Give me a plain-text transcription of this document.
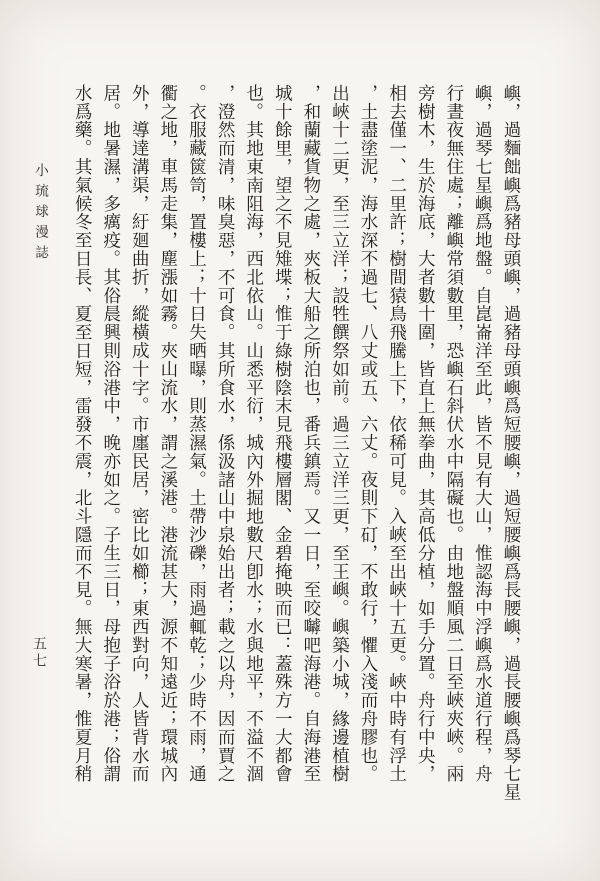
嶼，過麵飿嶼爲豬母頭嶼，過豬母頭嶼爲短腰嶼，過短腰嶼爲長腰嶼，過長腰嶼爲琴七星
嶼，過琴七星嶼爲地盤。自崑崙洋至此，皆不見有大山，惟認海中浮嶼爲水道行程，舟
行晝夜無住處；離嶼常須數里，恐嶼石斜伏水中隔礙也。由地盤順風二日至峽夾峽。兩
旁樹木，生於海底，大者數十圍，皆直上無拳曲，其高低分植，如手分置。舟行中央，
相去僅一、二里許；樹間猿鳥飛騰上下，依稀可見。入峽至出峽十五更。峽中時有浮土
，土盡塗泥，海水深不過七、八丈或五、六丈。夜則下矴，不敢行，懼入淺而舟膠也。
出峽十二更，至三立洋；設牲饌祭如前。過三立洋三更，至王嶼。嶼築小城，緣邊植樹
，和蘭藏貨物之處，夾板大船之所泊也，番兵鎮焉。又一日，至咬嚹吧海港。自海港至
城十餘里，望之不見雉堞；惟于綠樹陰末見飛樓層閣、金碧掩映而已：蓋殊方一大都會
也。其地東南阻海，西北依山。山悉平衍，城內外掘地數尺卽水；水與地平，不溢不涸
，澄然而清，味臭惡，不可食。其所食水，係汲諸山中泉始出者；載之以舟，因而賈之
。衣服藏篋笥，置樓上；十日失晒曝，則蒸濕氣。土帶沙礫，雨過輒乾；少時不雨，通
衢之地，車馬走集，塵漲如霧。夾山流水，謂之溪港。港流甚大，源不知遠近；環城內
外，導達溝渠，紆廻曲折，縱橫成十字。市廛民居，密比如櫛；東西對向，人皆背水而
居。地暑濕，多癘疫。其俗晨興則浴港中，晚亦如之。子生三日，母抱子浴於港；俗謂
水爲藥。其氣候冬至日長、夏至日短，雷發不震，北斗隱而不見。無大寒暑，惟夏月稍
小琉球漫誌
五七
